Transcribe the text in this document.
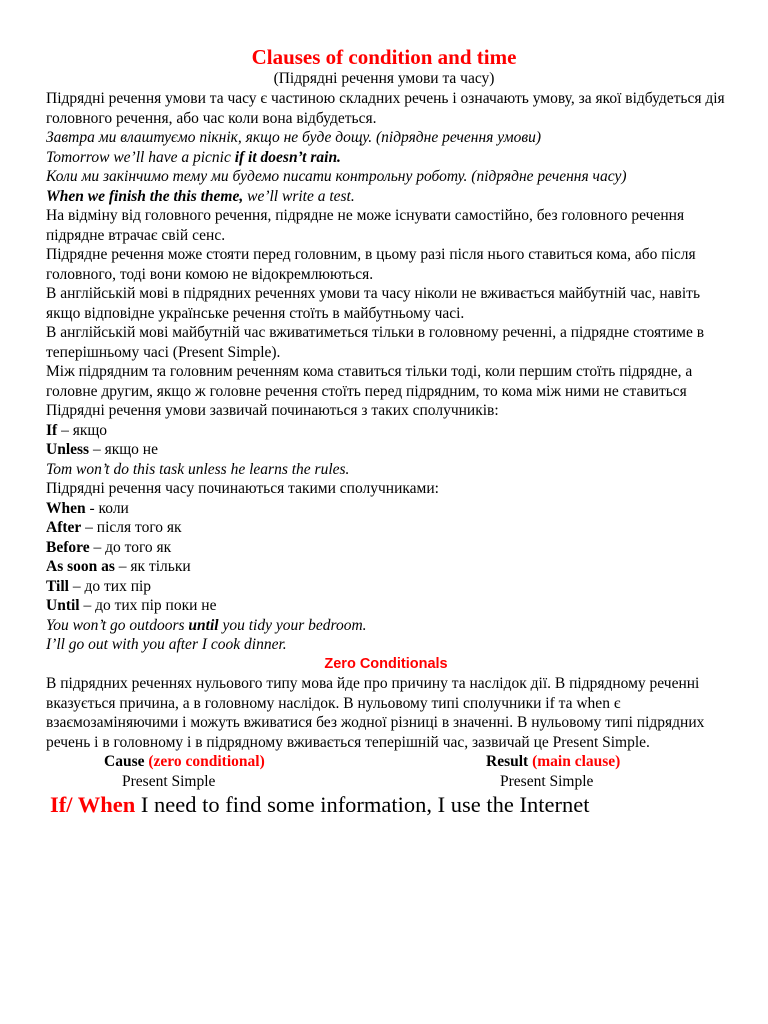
Clauses of condition and time
(Підрядні речення умови та часу)

Підрядні речення умови та часу є частиною складних речень і означають умову, за якої відбудеться дія головного речення, або час коли вона відбудеться.

Завтра ми влаштуємо пікнік, якщо не буде дощу. (підрядне речення умови)

Tomorrow we’ll have a picnic if it doesn’t rain.

Коли ми закінчимо тему ми будемо писати контрольну роботу. (підрядне речення часу)

When we finish the this theme, we’ll write a test.

На відміну від головного речення, підрядне не може існувати самостійно, без головного речення підрядне втрачає свій сенс.

Підрядне речення може стояти перед головним, в цьому разі після нього ставиться кома, або після головного, тоді вони комою не відокремлюються.

В англійській мові в підрядних реченнях умови та часу ніколи не вживається майбутній час, навіть якщо відповідне українське речення стоїть в майбутньому часі.

В англійській мові майбутній час вживатиметься тільки в головному реченні, а підрядне стоятиме в теперішньому часі (Present Simple).

Між підрядним та головним реченням кома ставиться тільки тоді, коли першим стоїть підрядне, а головне другим, якщо ж головне речення стоїть перед підрядним, то кома між ними не ставиться

Підрядні речення умови зазвичай починаються з таких сполучників:

If – якщо

Unless – якщо не

Tom won’t do this task unless he learns the rules.

Підрядні речення часу починаються такими сполучниками:

When - коли

After – після того як

Before – до того як

As soon as – як тільки

Till – до тих пір

Until – до тих пір поки не

You won’t go outdoors until you tidy your bedroom.

I’ll go out with you after I cook dinner.

Zero Conditionals

В підрядних реченнях нульового типу мова йде про причину та наслідок дії. В підрядному реченні вказується причина, а в головному наслідок. В нульовому типі сполучники if та when є взаємозаміняючими і можуть вживатися без жодної різниці в значенні. В нульовому типі підрядних речень і в головному і в підрядному вживається теперішній час, зазвичай це Present Simple.

Cause (zero conditional)	Result (main clause)
Present Simple	Present Simple

If/ When I need to find some information, I use the Internet
